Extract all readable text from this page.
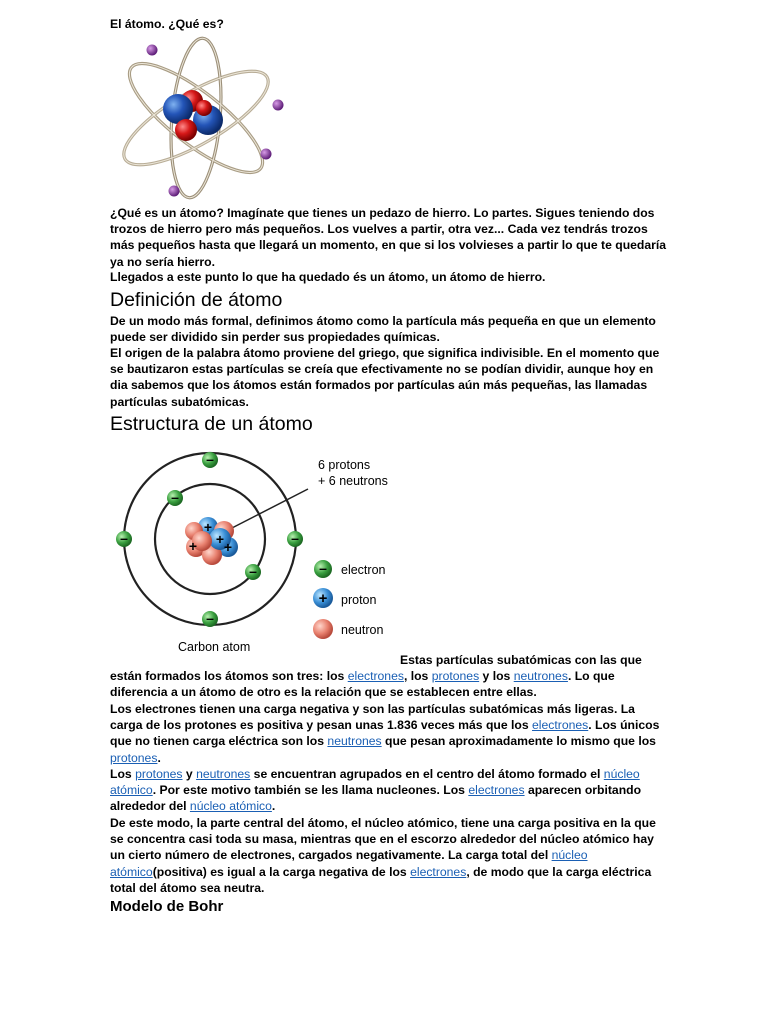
El átomo. ¿Qué es?

¿Qué es un átomo? Imagínate que tienes un pedazo de hierro. Lo partes. Sigues teniendo dos trozos de hierro pero más pequeños. Los vuelves a partir, otra vez... Cada vez tendrás trozos más pequeños hasta que llegará un momento, en que si los volvieses a partir lo que te quedaría ya no sería hierro.

Llegados a este punto lo que ha quedado és un átomo, un átomo de hierro.

Definición de átomo

De un modo más formal, definimos átomo como la partícula más pequeña en que un elemento puede ser dividido sin perder sus propiedades químicas.

El origen de la palabra átomo proviene del griego, que significa indivisible. En el momento que se bautizaron estas partículas se creía que efectivamente no se podían dividir, aunque hoy en dia sabemos que los átomos están formados por partículas aún más pequeñas, las llamadas partículas subatómicas.

Estructura de un átomo
+
+
+
+
–
–
–	–
–
–
6 protons
+ 6 neutrons
Carbon atom
– electron
+ proton
neutron

Estas partículas subatómicas con las que

están formados los átomos son tres: los electrones, los protones y los neutrones. Lo que diferencia a un átomo de otro es la relación que se establecen entre ellas.

Los electrones tienen una carga negativa y son las partículas subatómicas más ligeras. La carga de los protones es positiva y pesan unas 1.836 veces más que los electrones. Los únicos que no tienen carga eléctrica son los neutrones que pesan aproximadamente lo mismo que los protones.

Los protones y neutrones se encuentran agrupados en el centro del átomo formado el núcleo atómico. Por este motivo también se les llama nucleones. Los electrones aparecen orbitando alrededor del núcleo atómico.

De este modo, la parte central del átomo, el núcleo atómico, tiene una carga positiva en la que se concentra casi toda su masa, mientras que en el escorzo alrededor del núcleo atómico hay un cierto número de electrones, cargados negativamente. La carga total del núcleo atómico(positiva) es igual a la carga negativa de los electrones, de modo que la carga eléctrica total del átomo sea neutra.

Modelo de Bohr
